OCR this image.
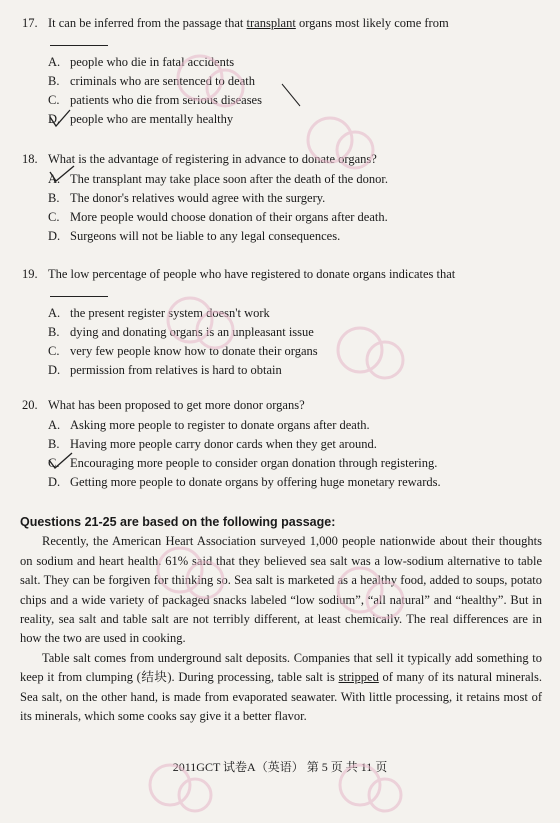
17. It can be inferred from the passage that transplant organs most likely come from

A. people who die in fatal accidents
B. criminals who are sentenced to death
C. patients who die from serious diseases
D. people who are mentally healthy

18. What is the advantage of registering in advance to donate organs?

A. The transplant may take place soon after the death of the donor.
B. The donor's relatives would agree with the surgery.
C. More people would choose donation of their organs after death.
D. Surgeons will not be liable to any legal consequences.

19. The low percentage of people who have registered to donate organs indicates that

A. the present register system doesn't work
B. dying and donating organs is an unpleasant issue
C. very few people know how to donate their organs
D. permission from relatives is hard to obtain

20. What has been proposed to get more donor organs?

A. Asking more people to register to donate organs after death.
B. Having more people carry donor cards when they get around.
C. Encouraging more people to consider organ donation through registering.
D. Getting more people to donate organs by offering huge monetary rewards.
Questions 21-25 are based on the following passage:

Recently, the American Heart Association surveyed 1,000 people nationwide about their thoughts on sodium and heart health. 61% said that they believed sea salt was a low-sodium alternative to table salt. They can be forgiven for thinking so. Sea salt is marketed as a healthy food, added to soups, potato chips and a wide variety of packaged snacks labeled “low sodium”, “all natural” and “healthy”. But in reality, sea salt and table salt are not terribly different, at least chemically. The real differences are in how the two are used in cooking.

Table salt comes from underground salt deposits. Companies that sell it typically add something to keep it from clumping (结块). During processing, table salt is stripped of many of its natural minerals. Sea salt, on the other hand, is made from evaporated seawater. With little processing, it retains most of its minerals, which some cooks say give it a better flavor.

2011GCT 试卷A（英语） 第 5 页 共 11 页
